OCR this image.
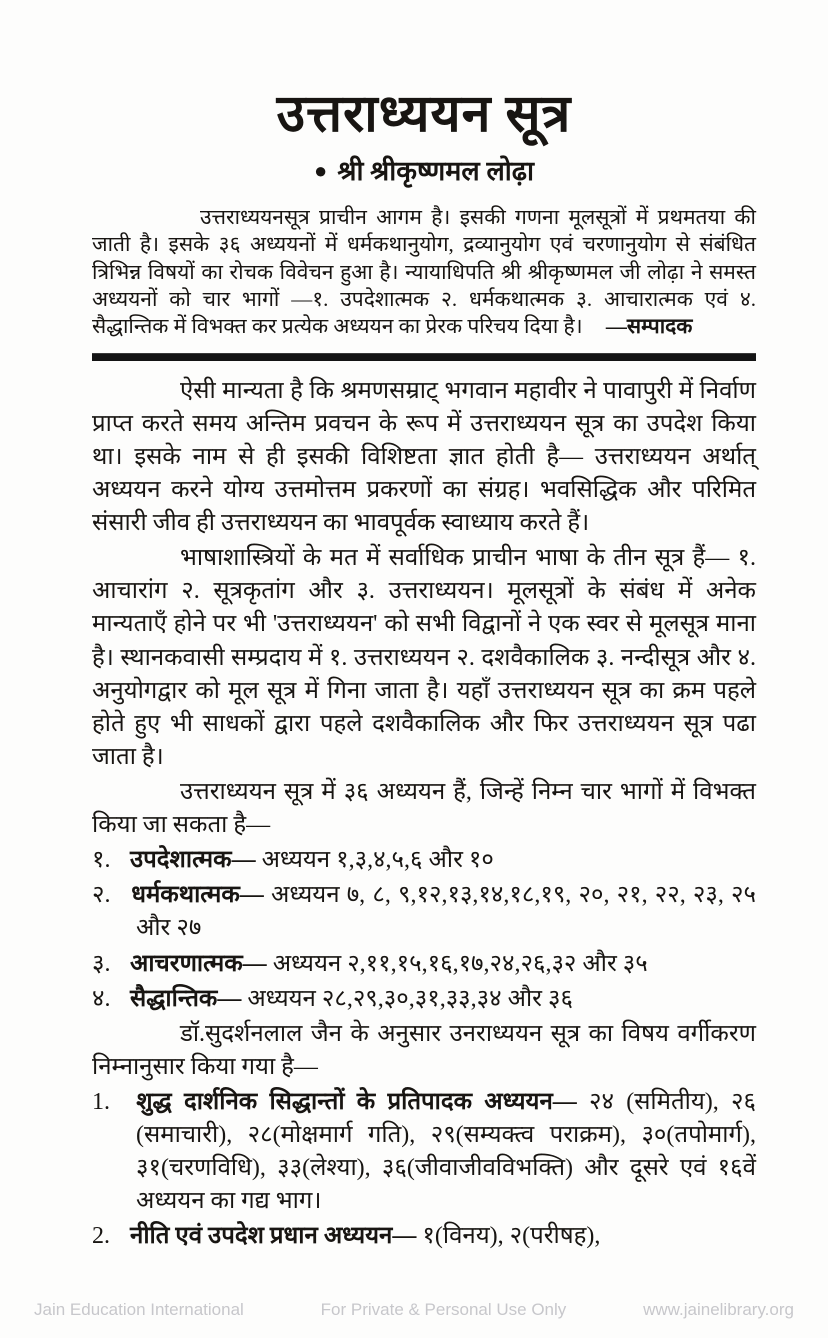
उत्तराध्ययन सूत्र
● श्री श्रीकृष्णमल लोढ़ा

उत्तराध्ययनसूत्र प्राचीन आगम है। इसकी गणना मूलसूत्रों में प्रथमतया की जाती है। इसके ३६ अध्ययनों में धर्मकथानुयोग, द्रव्यानुयोग एवं चरणानुयोग से संबंधित त्रिभिन्न विषयों का रोचक विवेचन हुआ है। न्यायाधिपति श्री श्रीकृष्णमल जी लोढ़ा ने समस्त अध्ययनों को चार भागों —१. उपदेशात्मक २. धर्मकथात्मक ३. आचारात्मक एवं ४. सैद्धान्तिक में विभक्त कर प्रत्येक अध्ययन का प्रेरक परिचय दिया है। —सम्पादक

ऐसी मान्यता है कि श्रमणसम्राट् भगवान महावीर ने पावापुरी में निर्वाण प्राप्त करते समय अन्तिम प्रवचन के रूप में उत्तराध्ययन सूत्र का उपदेश किया था। इसके नाम से ही इसकी विशिष्टता ज्ञात होती है— उत्तराध्ययन अर्थात् अध्ययन करने योग्य उत्तमोत्तम प्रकरणों का संग्रह। भवसिद्धिक और परिमित संसारी जीव ही उत्तराध्ययन का भावपूर्वक स्वाध्याय करते हैं।

भाषाशास्त्रियों के मत में सर्वाधिक प्राचीन भाषा के तीन सूत्र हैं— १. आचारांग २. सूत्रकृतांग और ३. उत्तराध्ययन। मूलसूत्रों के संबंध में अनेक मान्यताएँ होने पर भी 'उत्तराध्ययन' को सभी विद्वानों ने एक स्वर से मूलसूत्र माना है। स्थानकवासी सम्प्रदाय में १. उत्तराध्ययन २. दशवैकालिक ३. नन्दीसूत्र और ४. अनुयोगद्वार को मूल सूत्र में गिना जाता है। यहाँ उत्तराध्ययन सूत्र का क्रम पहले होते हुए भी साधकों द्वारा पहले दशवैकालिक और फिर उत्तराध्ययन सूत्र पढा जाता है।

उत्तराध्ययन सूत्र में ३६ अध्ययन हैं, जिन्हें निम्न चार भागों में विभक्त किया जा सकता है—

१. उपदेशात्मक— अध्ययन १,३,४,५,६ और १०
२. धर्मकथात्मक— अध्ययन ७, ८, ९,१२,१३,१४,१८,१९, २०, २१, २२, २३, २५ और २७
३. आचरणात्मक— अध्ययन २,११,१५,१६,१७,२४,२६,३२ और ३५
४. सैद्धान्तिक— अध्ययन २८,२९,३०,३१,३३,३४ और ३६

डॉ.सुदर्शनलाल जैन के अनुसार उनराध्ययन सूत्र का विषय वर्गीकरण निम्नानुसार किया गया है—

1. शुद्ध दार्शनिक सिद्धान्तों के प्रतिपादक अध्ययन— २४ (समितीय), २६ (समाचारी), २८(मोक्षमार्ग गति), २९(सम्यक्त्व पराक्रम), ३०(तपोमार्ग), ३१(चरणविधि), ३३(लेश्या), ३६(जीवाजीवविभक्ति) और दूसरे एवं १६वें अध्ययन का गद्य भाग।
2. नीति एवं उपदेश प्रधान अध्ययन— १(विनय), २(परीषह),
Jain Education International	For Private & Personal Use Only	www.jainelibrary.org
